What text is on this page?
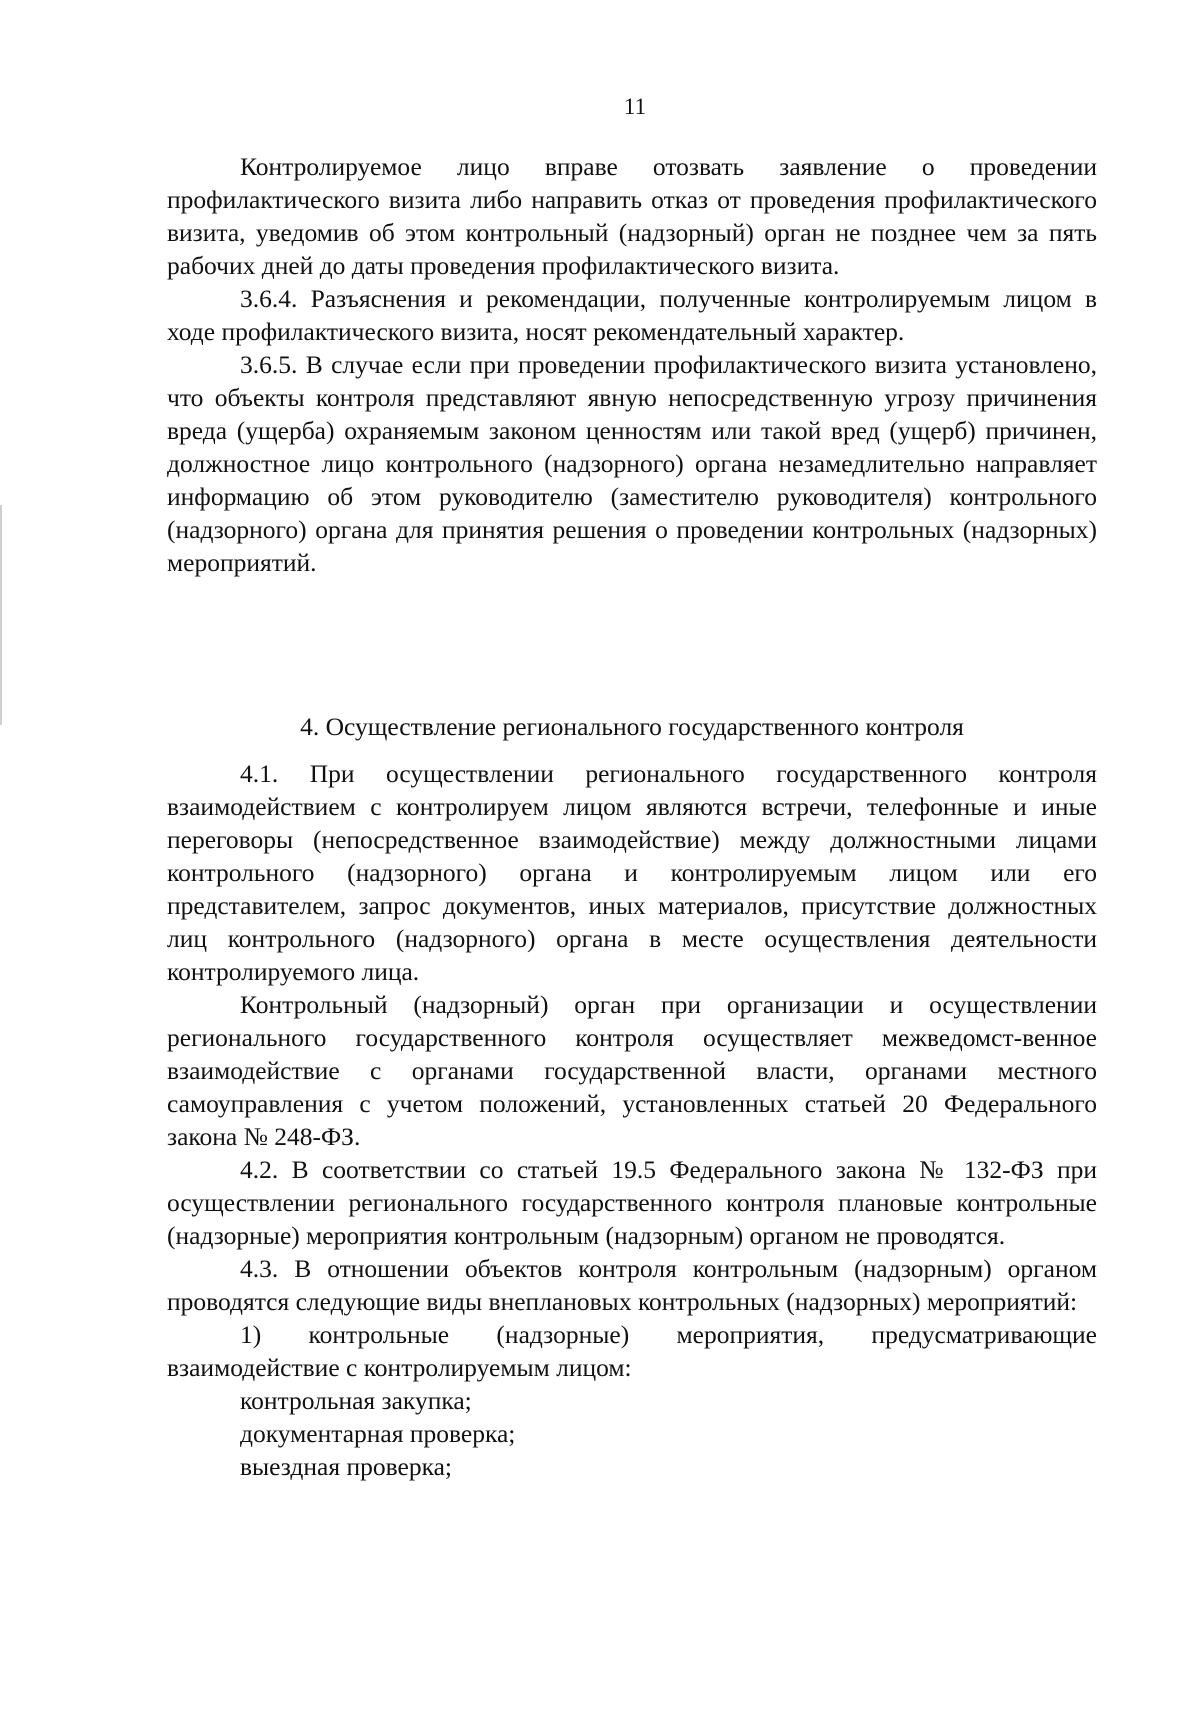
11

Контролируемое лицо вправе отозвать заявление о проведении профилактического визита либо направить отказ от проведения профилактического визита, уведомив об этом контрольный (надзорный) орган не позднее чем за пять рабочих дней до даты проведения профилактического визита.

3.6.4. Разъяснения и рекомендации, полученные контролируемым лицом в ходе профилактического визита, носят рекомендательный характер.

3.6.5. В случае если при проведении профилактического визита установлено, что объекты контроля представляют явную непосредственную угрозу причинения вреда (ущерба) охраняемым законом ценностям или такой вред (ущерб) причинен, должностное лицо контрольного (надзорного) органа незамедлительно направляет информацию об этом руководителю (заместителю руководителя) контрольного (надзорного) органа для принятия решения о проведении контрольных (надзорных) мероприятий.

4. Осуществление регионального государственного контроля

4.1. При осуществлении регионального государственного контроля взаимодействием с контролируем лицом являются встречи, телефонные и иные переговоры (непосредственное взаимодействие) между должностными лицами контрольного (надзорного) органа и контролируемым лицом или его представителем, запрос документов, иных материалов, присутствие должностных лиц контрольного (надзорного) органа в месте осуществления деятельности контролируемого лица.

Контрольный (надзорный) орган при организации и осуществлении регионального государственного контроля осуществляет межведомст-венное взаимодействие с органами государственной власти, органами местного самоуправления с учетом положений, установленных статьей 20 Федерального закона № 248-ФЗ.

4.2. В соответствии со статьей 19.5 Федерального закона № 132-ФЗ при осуществлении регионального государственного контроля плановые контрольные (надзорные) мероприятия контрольным (надзорным) органом не проводятся.

4.3. В отношении объектов контроля контрольным (надзорным) органом проводятся следующие виды внеплановых контрольных (надзорных) мероприятий:

1) контрольные (надзорные) мероприятия, предусматривающие взаимодействие с контролируемым лицом:

контрольная закупка;
документарная проверка;
выездная проверка;
